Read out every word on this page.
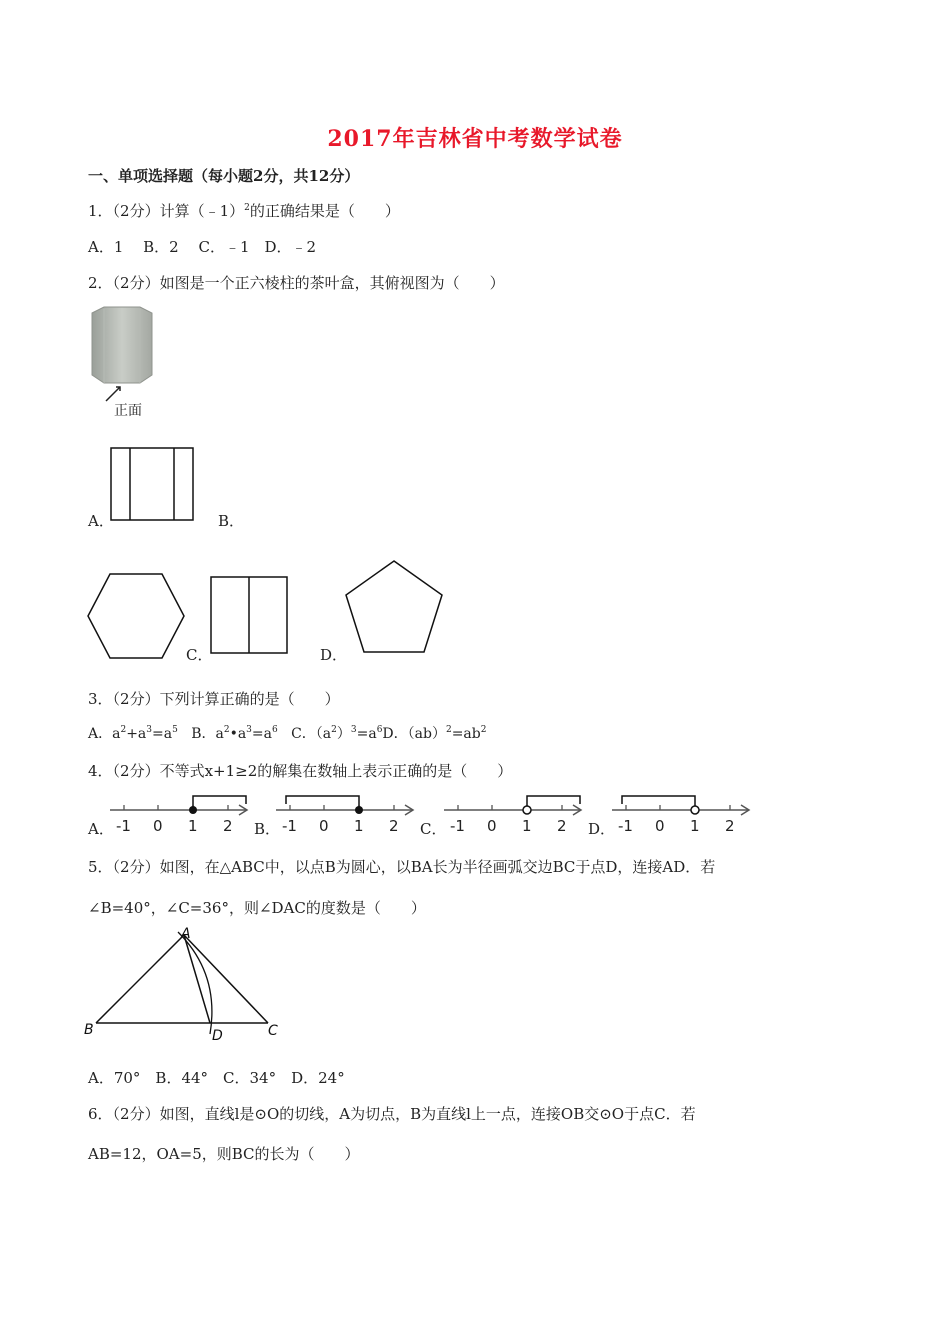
2017年吉林省中考数学试卷
一、单项选择题（每小题2分，共12分）
1．（2分）计算（﹣1）$^2$的正确结果是（　　）
A．1　 B．2　 C．﹣1　D．﹣2
2．（2分）如图是一个正六棱柱的茶叶盒，其俯视图为（　　）
正面
A．	B．
C．	D．
3．（2分）下列计算正确的是（　　）
A．$a^2+a^3=a^5$ B．$a^2•a^3=a^6$ C．$(a^2)^3=a^6D$．$(ab)^2=ab^2$
4．（2分）不等式x+1≥2的解集在数轴上表示正确的是（　　）
A． -1 0 1 2 B． -1 0 1 2 C． -1 0 1 2 D． -1 0 1 2
5．（2分）如图，在△ABC中，以点B为圆心，以BA长为半径画弧交边BC于点D，连接AD．若
∠B=40°，∠C=36°，则∠DAC的度数是（　　）
A
B	C
D
A．70°　B．44°　C．34°　D．24°
6．（2分）如图，直线l是⊙O的切线，A为切点，B为直线l上一点，连接OB交⊙O于点C．若
AB=12，OA=5，则BC的长为（　　）
